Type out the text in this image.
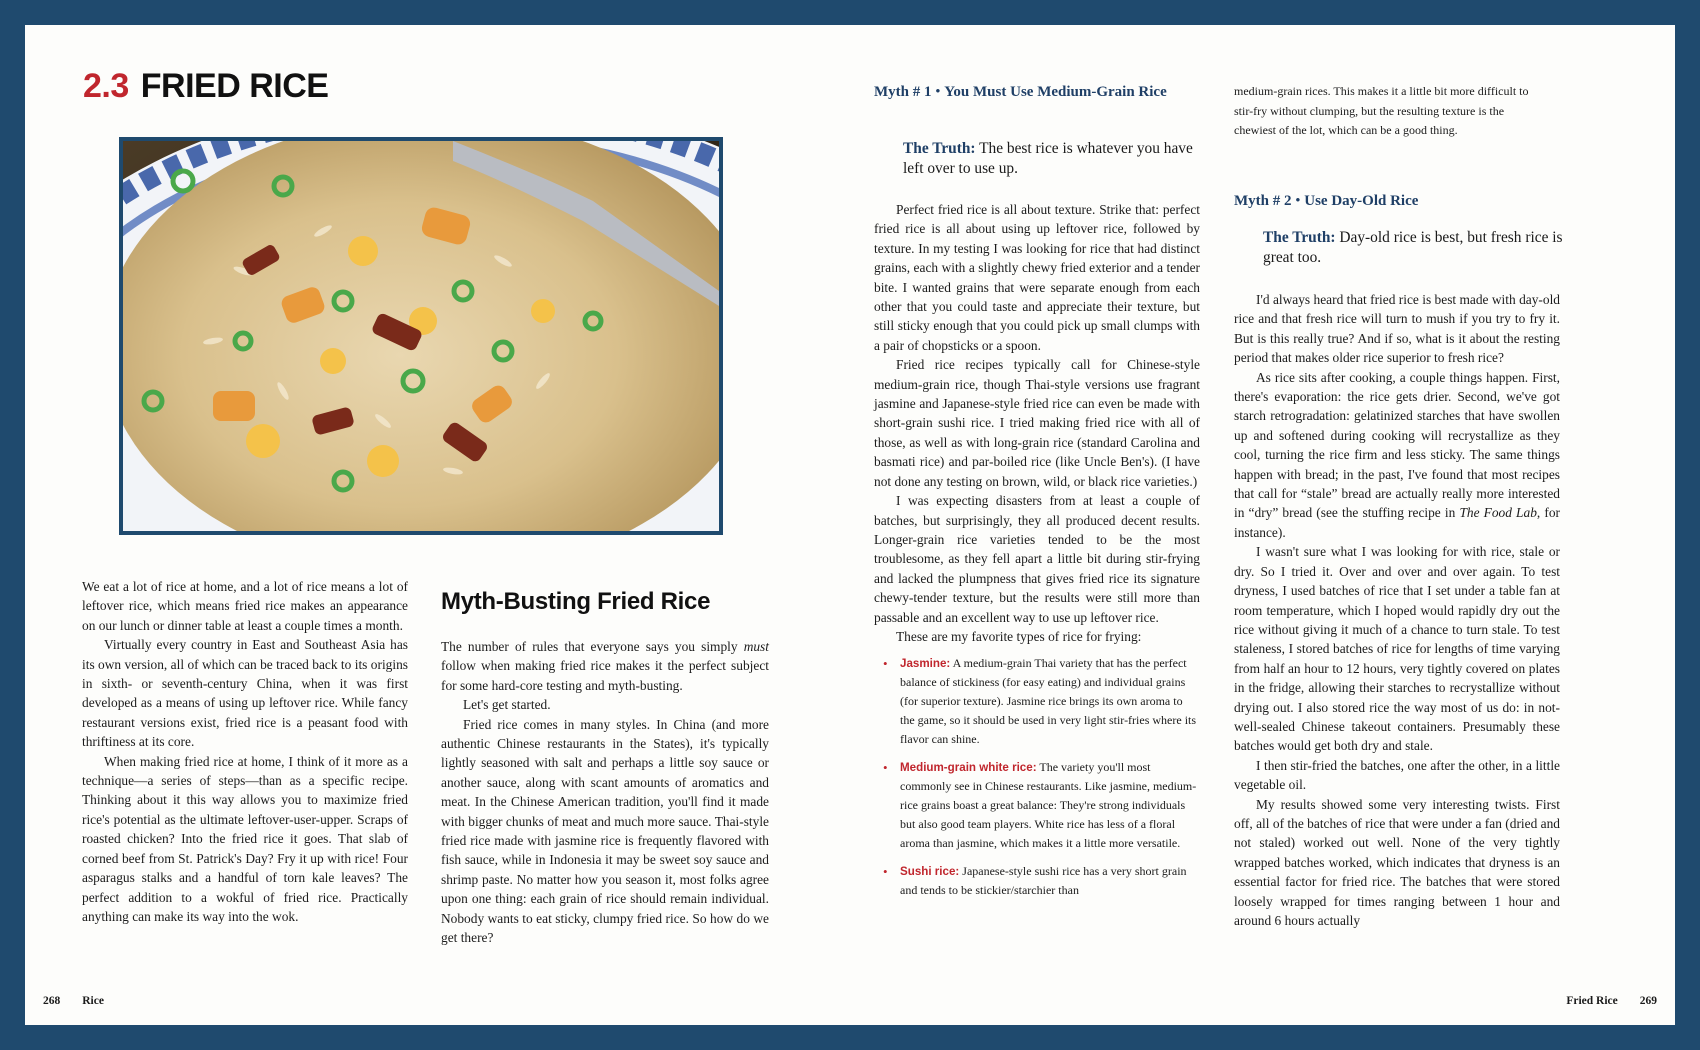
2.3 FRIED RICE

We eat a lot of rice at home, and a lot of rice means a lot of leftover rice, which means fried rice makes an appearance on our lunch or dinner table at least a couple times a month.

Virtually every country in East and Southeast Asia has its own version, all of which can be traced back to its origins in sixth- or seventh-century China, when it was first developed as a means of using up leftover rice. While fancy restaurant versions exist, fried rice is a peasant food with thriftiness at its core.

When making fried rice at home, I think of it more as a technique—a series of steps—than as a specific recipe. Thinking about it this way allows you to maximize fried rice's potential as the ultimate leftover-user-upper. Scraps of roasted chicken? Into the fried rice it goes. That slab of corned beef from St. Patrick's Day? Fry it up with rice! Four asparagus stalks and a handful of torn kale leaves? The perfect addition to a wokful of fried rice. Practically anything can make its way into the wok.

Myth-Busting Fried Rice

The number of rules that everyone says you simply must follow when making fried rice makes it the perfect subject for some hard-core testing and myth-busting.

Let's get started.

Fried rice comes in many styles. In China (and more authentic Chinese restaurants in the States), it's typically lightly seasoned with salt and perhaps a little soy sauce or another sauce, along with scant amounts of aromatics and meat. In the Chinese American tradition, you'll find it made with bigger chunks of meat and much more sauce. Thai-style fried rice made with jasmine rice is frequently flavored with fish sauce, while in Indonesia it may be sweet soy sauce and shrimp paste. No matter how you season it, most folks agree upon one thing: each grain of rice should remain individual. Nobody wants to eat sticky, clumpy fried rice. So how do we get there?

268 Rice
Myth # 1 • You Must Use Medium-Grain Rice

The Truth: The best rice is whatever you have left over to use up.

Perfect fried rice is all about texture. Strike that: perfect fried rice is all about using up leftover rice, followed by texture. In my testing I was looking for rice that had distinct grains, each with a slightly chewy fried exterior and a tender bite. I wanted grains that were separate enough from each other that you could taste and appreciate their texture, but still sticky enough that you could pick up small clumps with a pair of chopsticks or a spoon.

Fried rice recipes typically call for Chinese-style medium-grain rice, though Thai-style versions use fragrant jasmine and Japanese-style fried rice can even be made with short-grain sushi rice. I tried making fried rice with all of those, as well as with long-grain rice (standard Carolina and basmati rice) and par-boiled rice (like Uncle Ben's). (I have not done any testing on brown, wild, or black rice varieties.)

I was expecting disasters from at least a couple of batches, but surprisingly, they all produced decent results. Longer-grain rice varieties tended to be the most troublesome, as they fell apart a little bit during stir-frying and lacked the plumpness that gives fried rice its signature chewy-tender texture, but the results were still more than passable and an excellent way to use up leftover rice.

These are my favorite types of rice for frying:

• Jasmine: A medium-grain Thai variety that has the perfect balance of stickiness (for easy eating) and individual grains (for superior texture). Jasmine rice brings its own aroma to the game, so it should be used in very light stir-fries where its flavor can shine.
• Medium-grain white rice: The variety you'll most commonly see in Chinese restaurants. Like jasmine, medium-rice grains boast a great balance: They're strong individuals but also good team players. White rice has less of a floral aroma than jasmine, which makes it a little more versatile.
• Sushi rice: Japanese-style sushi rice has a very short grain and tends to be stickier/starchier than

medium-grain rices. This makes it a little bit more difficult to stir-fry without clumping, but the resulting texture is the chewiest of the lot, which can be a good thing.

Myth # 2 • Use Day-Old Rice

The Truth: Day-old rice is best, but fresh rice is great too.

I'd always heard that fried rice is best made with day-old rice and that fresh rice will turn to mush if you try to fry it. But is this really true? And if so, what is it about the resting period that makes older rice superior to fresh rice?

As rice sits after cooking, a couple things happen. First, there's evaporation: the rice gets drier. Second, we've got starch retrogradation: gelatinized starches that have swollen up and softened during cooking will recrystallize as they cool, turning the rice firm and less sticky. The same things happen with bread; in the past, I've found that most recipes that call for “stale” bread are actually really more interested in “dry” bread (see the stuffing recipe in The Food Lab, for instance).

I wasn't sure what I was looking for with rice, stale or dry. So I tried it. Over and over and over again. To test dryness, I used batches of rice that I set under a table fan at room temperature, which I hoped would rapidly dry out the rice without giving it much of a chance to turn stale. To test staleness, I stored batches of rice for lengths of time varying from half an hour to 12 hours, very tightly covered on plates in the fridge, allowing their starches to recrystallize without drying out. I also stored rice the way most of us do: in not-well-sealed Chinese takeout containers. Presumably these batches would get both dry and stale.

I then stir-fried the batches, one after the other, in a little vegetable oil.

My results showed some very interesting twists. First off, all of the batches of rice that were under a fan (dried and not staled) worked out well. None of the very tightly wrapped batches worked, which indicates that dryness is an essential factor for fried rice. The batches that were stored loosely wrapped for times ranging between 1 hour and around 6 hours actually

Fried Rice 269
